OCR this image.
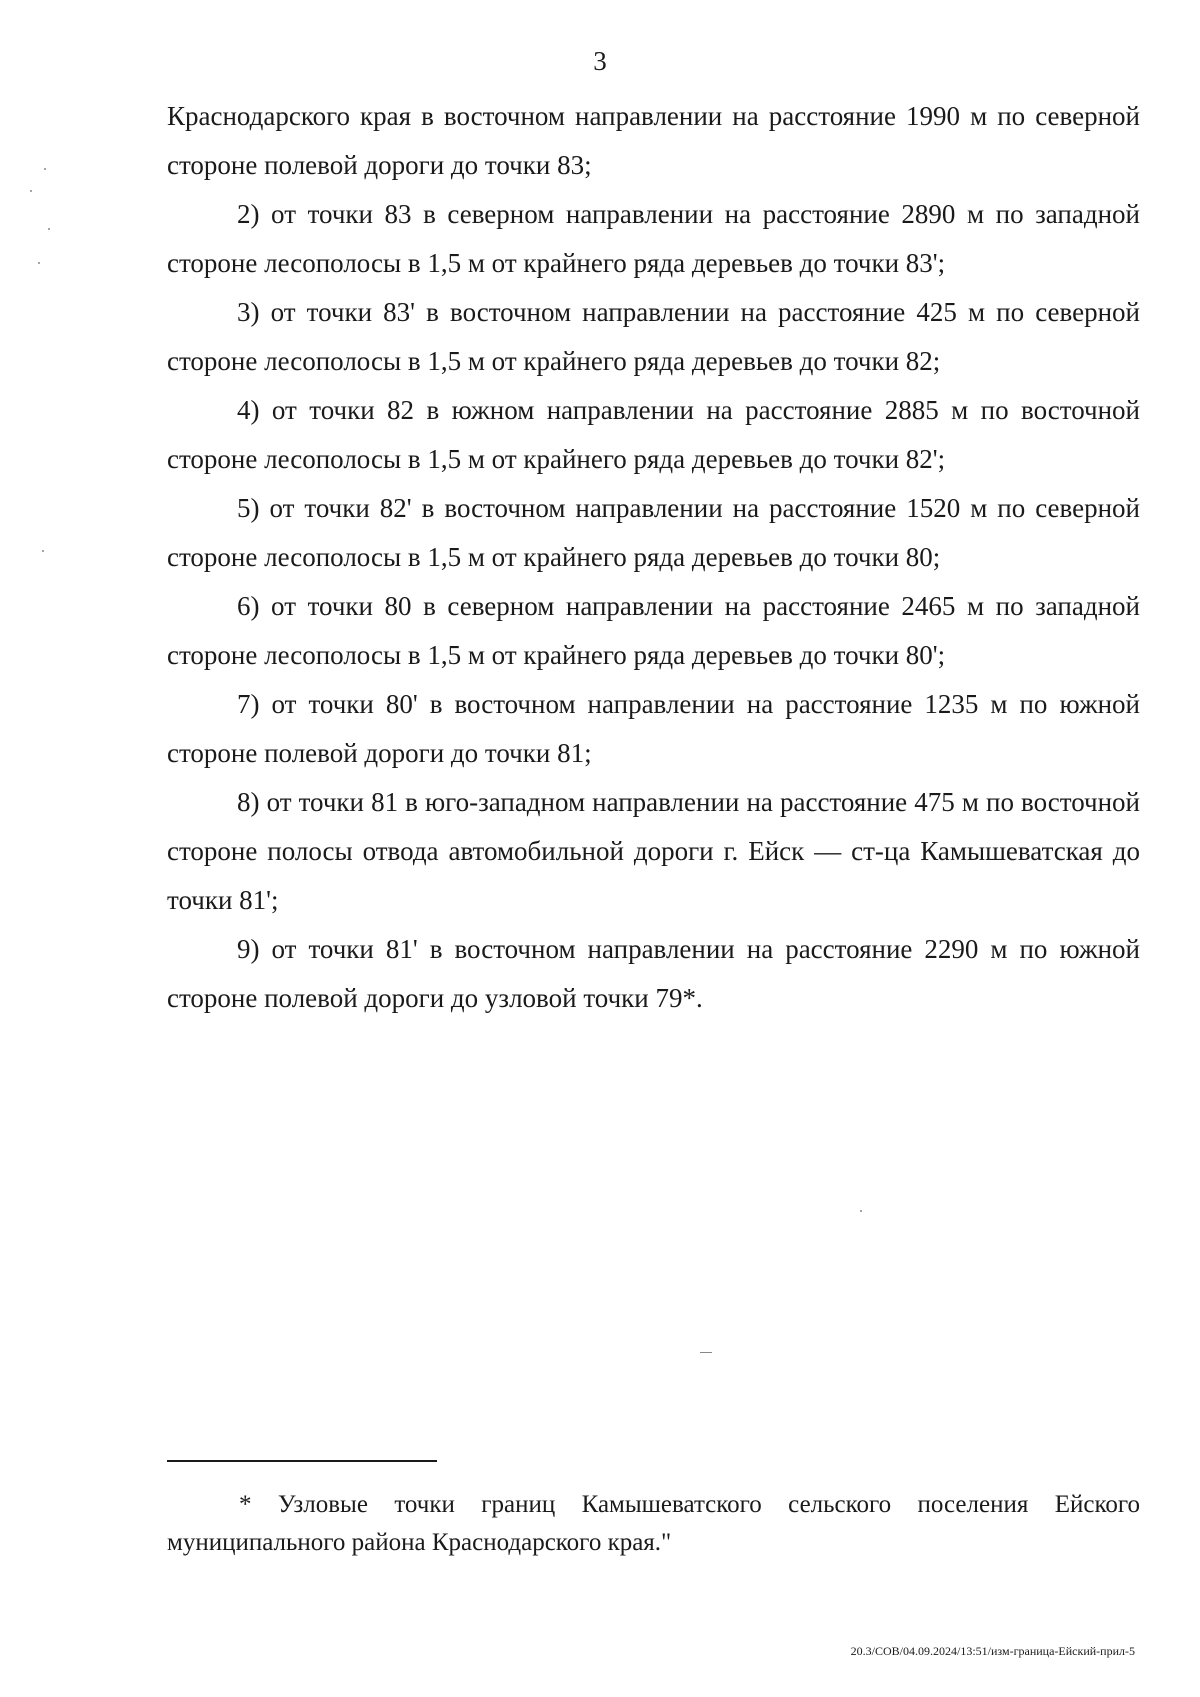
3

Краснодарского края в восточном направлении на расстояние 1990 м по северной стороне полевой дороги до точки 83;

2) от точки 83 в северном направлении на расстояние 2890 м по западной стороне лесополосы в 1,5 м от крайнего ряда деревьев до точки 83';

3) от точки 83' в восточном направлении на расстояние 425 м по северной стороне лесополосы в 1,5 м от крайнего ряда деревьев до точки 82;

4) от точки 82 в южном направлении на расстояние 2885 м по восточной стороне лесополосы в 1,5 м от крайнего ряда деревьев до точки 82';

5) от точки 82' в восточном направлении на расстояние 1520 м по северной стороне лесополосы в 1,5 м от крайнего ряда деревьев до точки 80;

6) от точки 80 в северном направлении на расстояние 2465 м по западной стороне лесополосы в 1,5 м от крайнего ряда деревьев до точки 80';

7) от точки 80' в восточном направлении на расстояние 1235 м по южной стороне полевой дороги до точки 81;

8) от точки 81 в юго-западном направлении на расстояние 475 м по восточной стороне полосы отвода автомобильной дороги г. Ейск — ст-ца Камышеватская до точки 81';

9) от точки 81' в восточном направлении на расстояние 2290 м по южной стороне полевой дороги до узловой точки 79*.

* Узловые точки границ Камышеватского сельского поселения Ейского муниципального района Краснодарского края."

20.3/СОВ/04.09.2024/13:51/изм-граница-Ейский-прил-5
